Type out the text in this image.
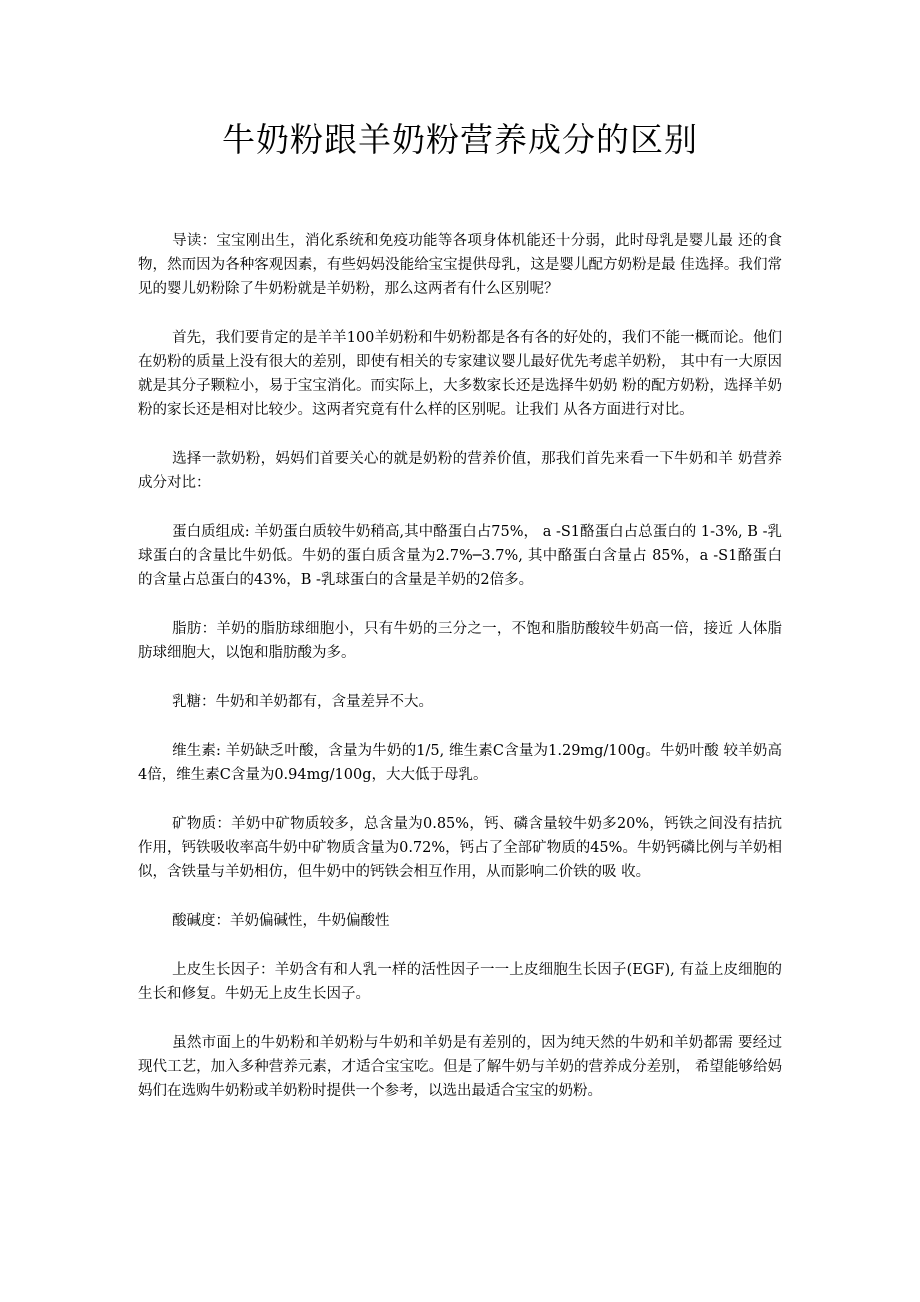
牛奶粉跟羊奶粉营养成分的区别

导读：宝宝刚出生，消化系统和免疫功能等各项身体机能还十分弱，此时母乳是婴儿最 还的食物，然而因为各种客观因素，有些妈妈没能给宝宝提供母乳，这是婴儿配方奶粉是最 佳选择。我们常见的婴儿奶粉除了牛奶粉就是羊奶粉，那么这两者有什么区别呢？

首先，我们要肯定的是羊羊100羊奶粉和牛奶粉都是各有各的好处的，我们不能一概而论。他们在奶粉的质量上没有很大的差别，即使有相关的专家建议婴儿最好优先考虑羊奶粉， 其中有一大原因就是其分子颗粒小，易于宝宝消化。而实际上，大多数家长还是选择牛奶奶 粉的配方奶粉，选择羊奶粉的家长还是相对比较少。这两者究竟有什么样的区别呢。让我们 从各方面进行对比。

选择一款奶粉，妈妈们首要关心的就是奶粉的营养价值，那我们首先来看一下牛奶和羊 奶营养成分对比：

蛋白质组成: 羊奶蛋白质较牛奶稍高,其中酪蛋白占75%， a -S1酪蛋白占总蛋白的 1-3%, B -乳球蛋白的含量比牛奶低。牛奶的蛋白质含量为2.7%─3.7%, 其中酪蛋白含量占 85%，a -S1酪蛋白的含量占总蛋白的43%，B -乳球蛋白的含量是羊奶的2倍多。

脂肪：羊奶的脂肪球细胞小，只有牛奶的三分之一，不饱和脂肪酸较牛奶高一倍，接近 人体脂肪球细胞大，以饱和脂肪酸为多。

乳糖：牛奶和羊奶都有，含量差异不大。

维生素: 羊奶缺乏叶酸，含量为牛奶的1/5, 维生素C含量为1.29mg/100g。牛奶叶酸 较羊奶高4倍，维生素C含量为0.94mg/100g，大大低于母乳。

矿物质：羊奶中矿物质较多，总含量为0.85%，钙、磷含量较牛奶多20%，钙铁之间没有拮抗作用，钙铁吸收率高牛奶中矿物质含量为0.72%，钙占了全部矿物质的45%。牛奶钙磷比例与羊奶相似，含铁量与羊奶相仿，但牛奶中的钙铁会相互作用，从而影响二价铁的吸 收。

酸碱度：羊奶偏碱性，牛奶偏酸性

上皮生长因子：羊奶含有和人乳一样的活性因子一一上皮细胞生长因子(EGF), 有益上皮细胞的生长和修复。牛奶无上皮生长因子。

虽然市面上的牛奶粉和羊奶粉与牛奶和羊奶是有差别的，因为纯天然的牛奶和羊奶都需 要经过现代工艺，加入多种营养元素，才适合宝宝吃。但是了解牛奶与羊奶的营养成分差别， 希望能够给妈妈们在选购牛奶粉或羊奶粉时提供一个参考，以选出最适合宝宝的奶粉。
